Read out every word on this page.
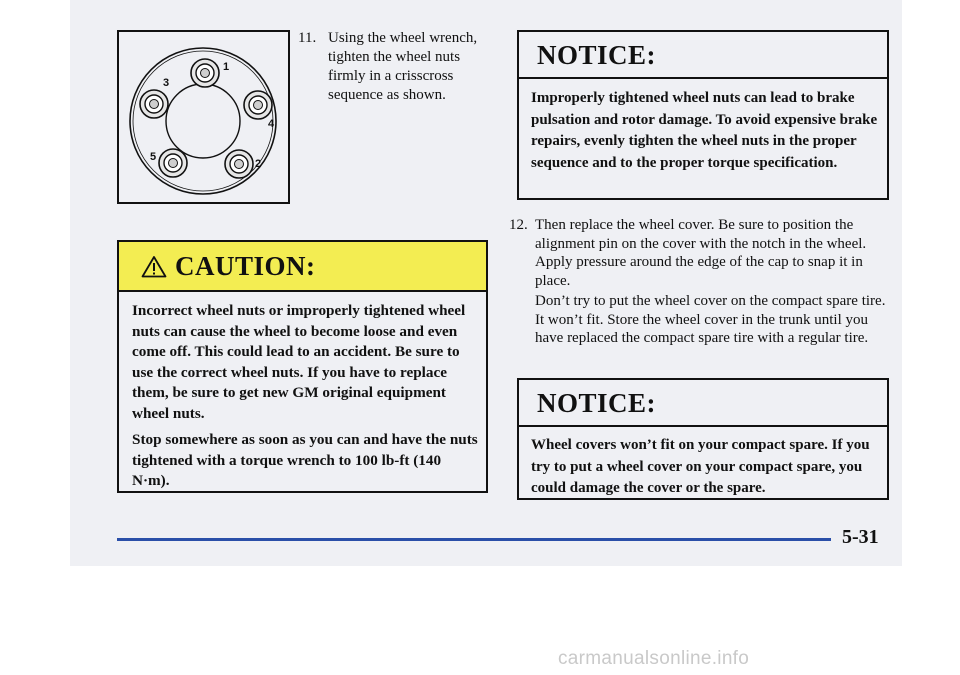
1
2
3
4
5
11. Using the wheel wrench, tighten the wheel nuts firmly in a crisscross sequence as shown.
CAUTION:

Incorrect wheel nuts or improperly tightened wheel nuts can cause the wheel to become loose and even come off. This could lead to an accident. Be sure to use the correct wheel nuts. If you have to replace them, be sure to get new GM original equipment wheel nuts.

Stop somewhere as soon as you can and have the nuts tightened with a torque wrench to 100 lb-ft (140 N·m).

NOTICE:
Improperly tightened wheel nuts can lead to brake pulsation and rotor damage. To avoid expensive brake repairs, evenly tighten the wheel nuts in the proper sequence and to the proper torque specification.
12. Then replace the wheel cover. Be sure to position the alignment pin on the cover with the notch in the wheel. Apply pressure around the edge of the cap to snap it in place.
Don’t try to put the wheel cover on the compact spare tire. It won’t fit. Store the wheel cover in the trunk until you have replaced the compact spare tire with a regular tire.
NOTICE:
Wheel covers won’t fit on your compact spare. If you try to put a wheel cover on your compact spare, you could damage the cover or the spare.
5-31
carmanualsonline.info
